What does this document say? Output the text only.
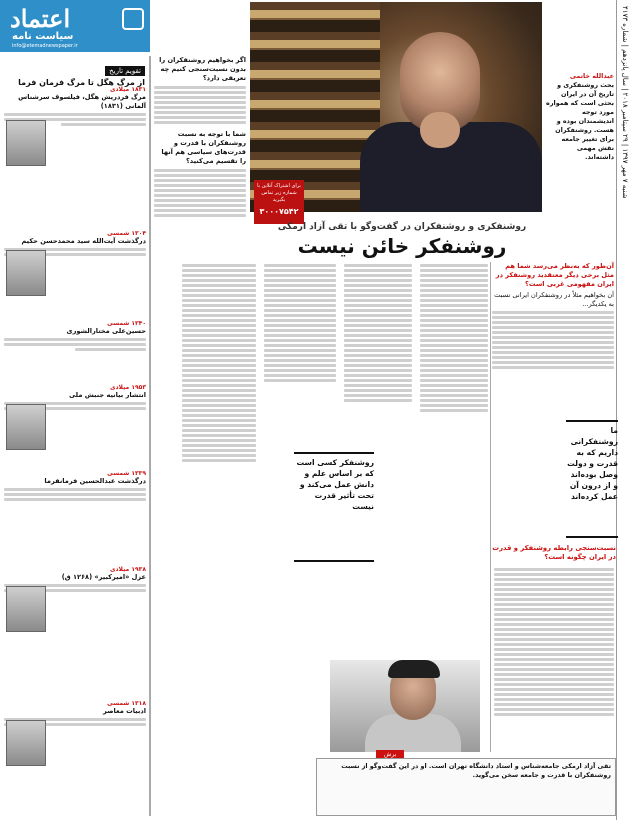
شنبه ۷ مهر ۱۳۹۷ | ۲۹ سپتامبر ۲۰۱۸ | سال پانزدهم | شماره ۴۱۷۳
اعتماد
سیاست نامه
info@etemadnewspaper.ir
تقویم تاریخ
از مرگ هگل تا مرگ فرمان فرما
۱۸۳۱ میلادی
مرگ فردریش هگل، فیلسوف سرشناس آلمانی (۱۸۳۱)
۱۳۰۴ شمسی
درگذشت آیت‌الله سید محمدحسن حکیم
۱۳۴۰ شمسی
حسین‌علی مختار‌الشوری
۱۹۵۳ میلادی
انتشار بیانیه جنبش ملی
۱۳۳۹ شمسی
درگذشت عبدالحسین فرمانفرما
۱۹۳۸ میلادی
عزل «امیرکبیر» (۱۲۶۸ ق)
۱۳۱۸ شمسی
ادبیات معاصر
اگر بخواهیم روشنفکران را بدون نسبت‌سنجی کنیم چه تعریفی دارد؟
شما با توجه به نسبت روشنفکران با قدرت و قدرت‌های سیاسی هم آنها را تقسیم می‌کنید؟
برای اشتراک آنلاین با شماره زیر تماس بگیرید
۳۰۰۰۷۵۴۲
عبدالله خاتمی
بحث روشنفکری و تاریخ آن در ایران بحثی است که همواره مورد توجه اندیشمندان بوده و هست. روشنفکران برای تغییر جامعه نقش مهمی داشته‌اند.
روشنفکری و روشنفکران در گفت‌وگو با تقی آزاد ارمکی
روشنفکر خائن نیست
آن‌طور که به‌نظر می‌رسد شما هم مثل برخی دیگر معتقدید روشنفکر در ایران مفهومی غربی است؟
آن بخواهیم مثلاً در روشنفکران ایرانی نسبت به یکدیگر...
ما روشنفکرانی داریم که به قدرت و دولت وصل بوده‌اند و از درون آن عمل کرده‌اند
روشنفکر کسی است که بر اساس علم و دانش عمل می‌کند و تحت تأثیر قدرت نیست
نسبت‌سنجی رابطه روشنفکر و قدرت در ایران چگونه است؟
برش
تقی آزاد ارمکی جامعه‌شناس و استاد دانشگاه تهران است. او در این گفت‌وگو از نسبت روشنفکران با قدرت و جامعه سخن می‌گوید.
